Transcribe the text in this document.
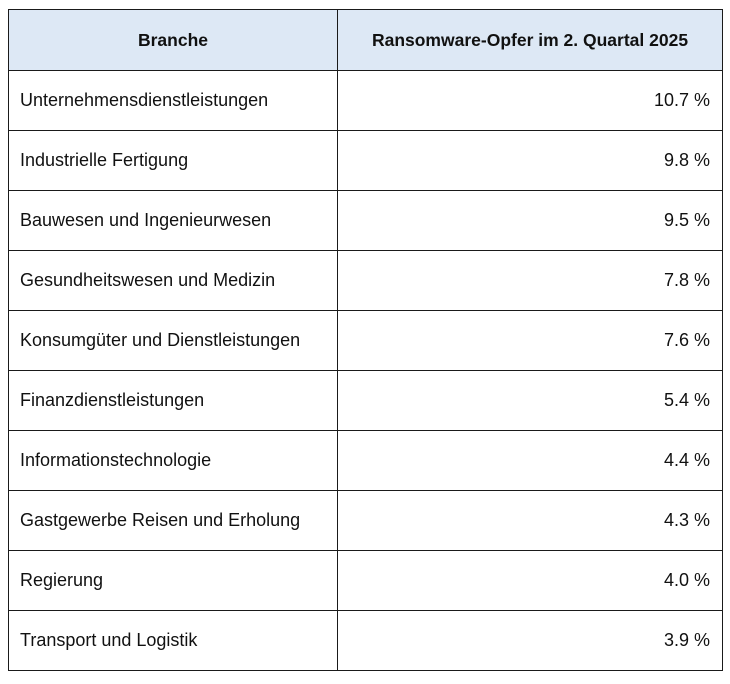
Branche	Ransomware-Opfer im 2. Quartal 2025
Unternehmensdienstleistungen	10.7 %
Industrielle Fertigung	9.8 %
Bauwesen und Ingenieurwesen	9.5 %
Gesundheitswesen und Medizin	7.8 %
Konsumgüter und Dienstleistungen	7.6 %
Finanzdienstleistungen	5.4 %
Informationstechnologie	4.4 %
Gastgewerbe Reisen und Erholung	4.3 %
Regierung	4.0 %
Transport und Logistik	3.9 %
